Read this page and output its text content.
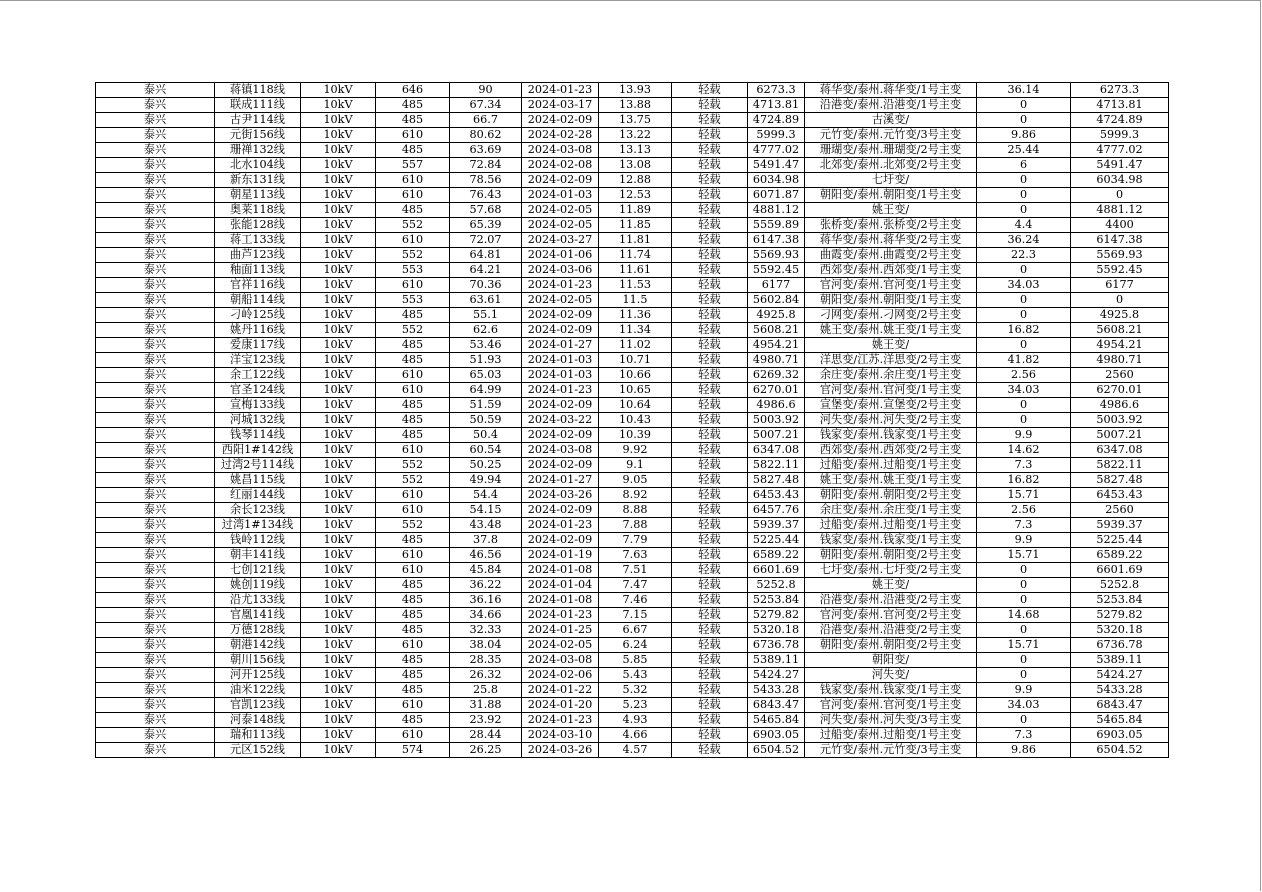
泰兴	蒋镇118线	10kV	646	90	2024-01-23	13.93	轻载	6273.3	蒋华变/泰州.蒋华变/1号主变	36.14	6273.3
泰兴	联成111线	10kV	485	67.34	2024-03-17	13.88	轻载	4713.81	沿港变/泰州.沿港变/1号主变	0	4713.81
泰兴	古尹114线	10kV	485	66.7	2024-02-09	13.75	轻载	4724.89	古溪变/	0	4724.89
泰兴	元街156线	10kV	610	80.62	2024-02-28	13.22	轻载	5999.3	元竹变/泰州.元竹变/3号主变	9.86	5999.3
泰兴	珊禅132线	10kV	485	63.69	2024-03-08	13.13	轻载	4777.02	珊瑚变/泰州.珊瑚变/2号主变	25.44	4777.02
泰兴	北水104线	10kV	557	72.84	2024-02-08	13.08	轻载	5491.47	北郊变/泰州.北郊变/2号主变	6	5491.47
泰兴	新东131线	10kV	610	78.56	2024-02-09	12.88	轻载	6034.98	七圩变/	0	6034.98
泰兴	朝星113线	10kV	610	76.43	2024-01-03	12.53	轻载	6071.87	朝阳变/泰州.朝阳变/1号主变	0	0
泰兴	奥莱118线	10kV	485	57.68	2024-02-05	11.89	轻载	4881.12	姚王变/	0	4881.12
泰兴	张能128线	10kV	552	65.39	2024-02-05	11.85	轻载	5559.89	张桥变/泰州.张桥变/2号主变	4.4	4400
泰兴	蒋工133线	10kV	610	72.07	2024-03-27	11.81	轻载	6147.38	蒋华变/泰州.蒋华变/2号主变	36.24	6147.38
泰兴	曲芦123线	10kV	552	64.81	2024-01-06	11.74	轻载	5569.93	曲霞变/泰州.曲霞变/2号主变	22.3	5569.93
泰兴	釉面113线	10kV	553	64.21	2024-03-06	11.61	轻载	5592.45	西郊变/泰州.西郊变/1号主变	0	5592.45
泰兴	官祥116线	10kV	610	70.36	2024-01-23	11.53	轻载	6177	官河变/泰州.官河变/1号主变	34.03	6177
泰兴	朝船114线	10kV	553	63.61	2024-02-05	11.5	轻载	5602.84	朝阳变/泰州.朝阳变/1号主变	0	0
泰兴	刁岭125线	10kV	485	55.1	2024-02-09	11.36	轻载	4925.8	刁网变/泰州.刁网变/2号主变	0	4925.8
泰兴	姚丹116线	10kV	552	62.6	2024-02-09	11.34	轻载	5608.21	姚王变/泰州.姚王变/1号主变	16.82	5608.21
泰兴	爱康117线	10kV	485	53.46	2024-01-27	11.02	轻载	4954.21	姚王变/	0	4954.21
泰兴	洋宝123线	10kV	485	51.93	2024-01-03	10.71	轻载	4980.71	洋思变/江苏.洋思变/2号主变	41.82	4980.71
泰兴	余工122线	10kV	610	65.03	2024-01-03	10.66	轻载	6269.32	余庄变/泰州.余庄变/1号主变	2.56	2560
泰兴	官圣124线	10kV	610	64.99	2024-01-23	10.65	轻载	6270.01	官河变/泰州.官河变/1号主变	34.03	6270.01
泰兴	宣梅133线	10kV	485	51.59	2024-02-09	10.64	轻载	4986.6	宣堡变/泰州.宣堡变/2号主变	0	4986.6
泰兴	河城132线	10kV	485	50.59	2024-03-22	10.43	轻载	5003.92	河失变/泰州.河失变/2号主变	0	5003.92
泰兴	钱琴114线	10kV	485	50.4	2024-02-09	10.39	轻载	5007.21	钱家变/泰州.钱家变/1号主变	9.9	5007.21
泰兴	西阳1#142线	10kV	610	60.54	2024-03-08	9.92	轻载	6347.08	西郊变/泰州.西郊变/2号主变	14.62	6347.08
泰兴	过湾2号114线	10kV	552	50.25	2024-02-09	9.1	轻载	5822.11	过船变/泰州.过船变/1号主变	7.3	5822.11
泰兴	姚昌115线	10kV	552	49.94	2024-01-27	9.05	轻载	5827.48	姚王变/泰州.姚王变/1号主变	16.82	5827.48
泰兴	红丽144线	10kV	610	54.4	2024-03-26	8.92	轻载	6453.43	朝阳变/泰州.朝阳变/2号主变	15.71	6453.43
泰兴	余长123线	10kV	610	54.15	2024-02-09	8.88	轻载	6457.76	余庄变/泰州.余庄变/1号主变	2.56	2560
泰兴	过湾1#134线	10kV	552	43.48	2024-01-23	7.88	轻载	5939.37	过船变/泰州.过船变/1号主变	7.3	5939.37
泰兴	钱岭112线	10kV	485	37.8	2024-02-09	7.79	轻载	5225.44	钱家变/泰州.钱家变/1号主变	9.9	5225.44
泰兴	朝丰141线	10kV	610	46.56	2024-01-19	7.63	轻载	6589.22	朝阳变/泰州.朝阳变/2号主变	15.71	6589.22
泰兴	七创121线	10kV	610	45.84	2024-01-08	7.51	轻载	6601.69	七圩变/泰州.七圩变/2号主变	0	6601.69
泰兴	姚创119线	10kV	485	36.22	2024-01-04	7.47	轻载	5252.8	姚王变/	0	5252.8
泰兴	沿尤133线	10kV	485	36.16	2024-01-08	7.46	轻载	5253.84	沿港变/泰州.沿港变/2号主变	0	5253.84
泰兴	官凰141线	10kV	485	34.66	2024-01-23	7.15	轻载	5279.82	官河变/泰州.官河变/2号主变	14.68	5279.82
泰兴	万德128线	10kV	485	32.33	2024-01-25	6.67	轻载	5320.18	沿港变/泰州.沿港变/2号主变	0	5320.18
泰兴	朝港142线	10kV	610	38.04	2024-02-05	6.24	轻载	6736.78	朝阳变/泰州.朝阳变/2号主变	15.71	6736.78
泰兴	朝川156线	10kV	485	28.35	2024-03-08	5.85	轻载	5389.11	朝阳变/	0	5389.11
泰兴	河开125线	10kV	485	26.32	2024-02-06	5.43	轻载	5424.27	河失变/	0	5424.27
泰兴	油米122线	10kV	485	25.8	2024-01-22	5.32	轻载	5433.28	钱家变/泰州.钱家变/1号主变	9.9	5433.28
泰兴	官凯123线	10kV	610	31.88	2024-01-20	5.23	轻载	6843.47	官河变/泰州.官河变/1号主变	34.03	6843.47
泰兴	河泰148线	10kV	485	23.92	2024-01-23	4.93	轻载	5465.84	河失变/泰州.河失变/3号主变	0	5465.84
泰兴	瑞和113线	10kV	610	28.44	2024-03-10	4.66	轻载	6903.05	过船变/泰州.过船变/1号主变	7.3	6903.05
泰兴	元区152线	10kV	574	26.25	2024-03-26	4.57	轻载	6504.52	元竹变/泰州.元竹变/3号主变	9.86	6504.52
